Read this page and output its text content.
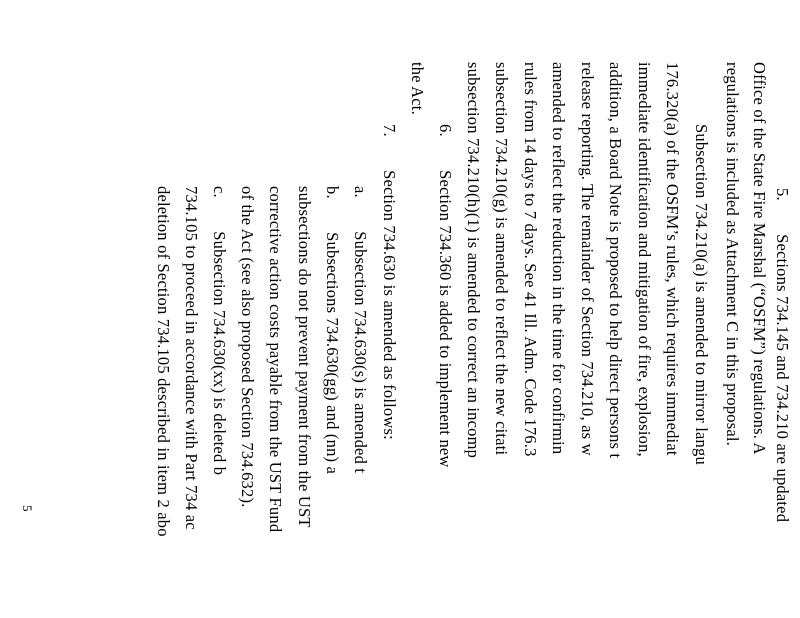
5.  Sections 734.145 and 734.210 are updated
Office of the State Fire Marshal (“OSFM”) regulations. A
regulations is included as Attachment C in this proposal.
Subsection 734.210(a) is amended to mirror langu
176.320(a) of the OSFM’s rules, which requires immediat
immediate identification and mitigation of fire, explosion,
addition, a Board Note is proposed to help direct persons t
release reporting. The remainder of Section 734.210, as w
amended to reflect the reduction in the time for confirmin
rules from 14 days to 7 days. See 41 Ill. Adm. Code 176.3
subsection 734.210(g) is amended to reflect the new citati
subsection 734.210(h)(1) is amended to correct an incomp
6.  Section 734.360 is added to implement new
the Act.
7.  Section 734.630 is amended as follows:
a.  Subsection 734.630(s) is amended t
b.  Subsections 734.630(gg) and (nn) a
subsections do not prevent payment from the UST
corrective action costs payable from the UST Fund
of the Act (see also proposed Section 734.632).
c.  Subsection 734.630(xx) is deleted b
734.105 to proceed in accordance with Part 734 ac
deletion of Section 734.105 described in item 2 abo
5
